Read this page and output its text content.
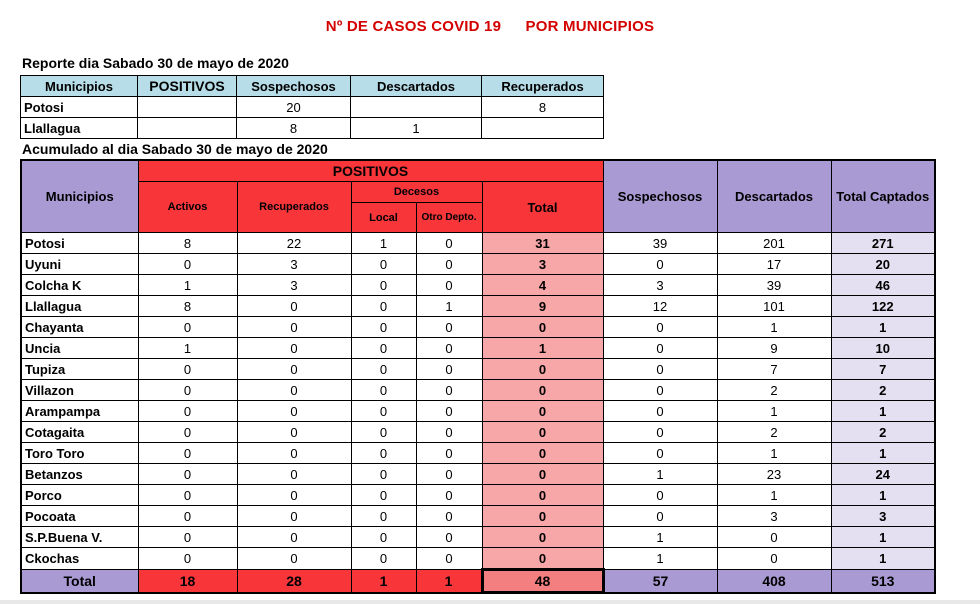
Nº DE CASOS COVID 19 POR MUNICIPIOS
Reporte dia Sabado 30 de mayo de 2020
Municipios	POSITIVOS	Sospechosos	Descartados	Recuperados
Potosi		20		8
Llallagua		8	1	
Acumulado al dia Sabado 30 de mayo de 2020
Municipios	POSITIVOS					Sospechosos	Descartados	Total Captados
	Activos	Recuperados	Decesos		Total			
			Local	Otro Depto.				
Potosi	8	22	1	0	31	39	201	271
Uyuni	0	3	0	0	3	0	17	20
Colcha K	1	3	0	0	4	3	39	46
Llallagua	8	0	0	1	9	12	101	122
Chayanta	0	0	0	0	0	0	1	1
Uncia	1	0	0	0	1	0	9	10
Tupiza	0	0	0	0	0	0	7	7
Villazon	0	0	0	0	0	0	2	2
Arampampa	0	0	0	0	0	0	1	1
Cotagaita	0	0	0	0	0	0	2	2
Toro Toro	0	0	0	0	0	0	1	1
Betanzos	0	0	0	0	0	1	23	24
Porco	0	0	0	0	0	0	1	1
Pocoata	0	0	0	0	0	0	3	3
S.P.Buena V.	0	0	0	0	0	1	0	1
Ckochas	0	0	0	0	0	1	0	1
Total	18	28	1	1	48	57	408	513
